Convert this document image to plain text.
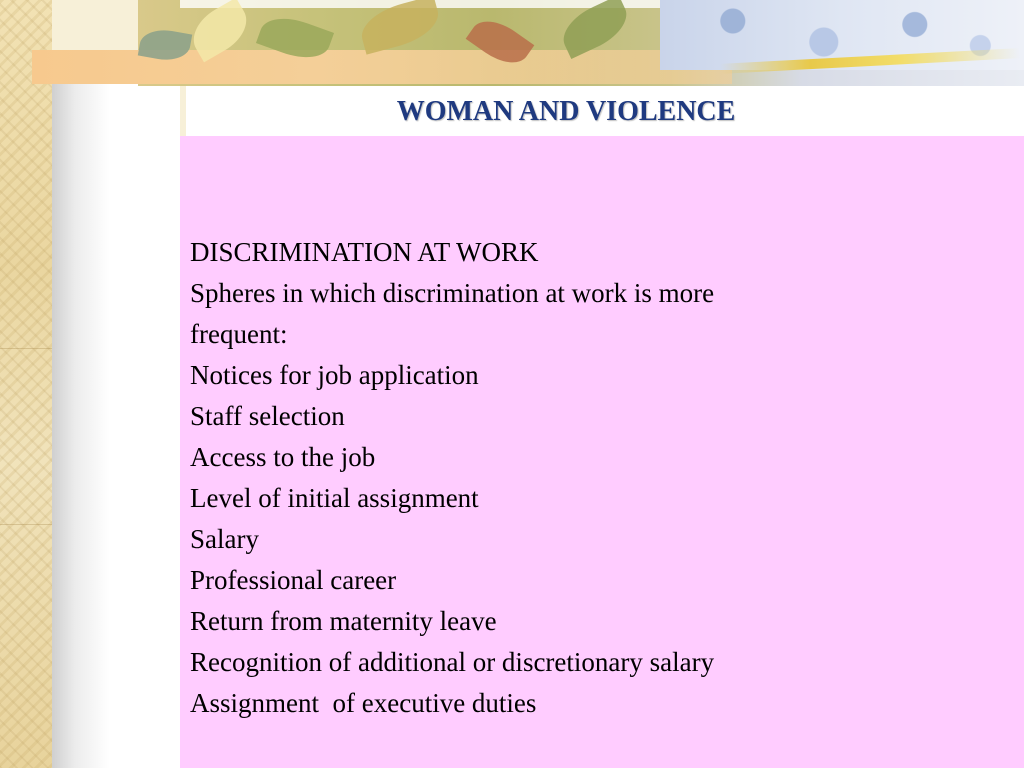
WOMAN AND VIOLENCE
DISCRIMINATION AT WORK
Spheres in which discrimination at work is more
frequent:
Notices for job application
Staff selection
Access to the job
Level of initial assignment
Salary
Professional career
Return from maternity leave
Recognition of additional or discretionary salary
Assignment  of executive duties
